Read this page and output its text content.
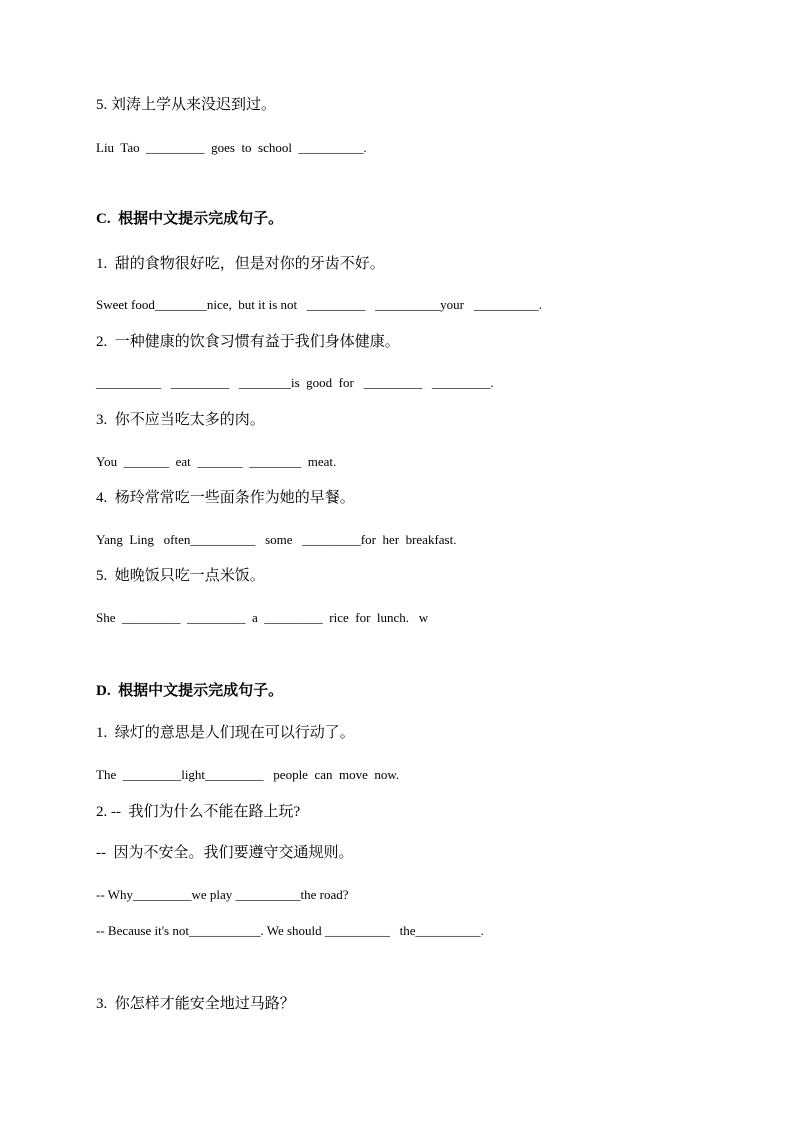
5. 刘涛上学从来没迟到过。
Liu  Tao  _________  goes  to  school  __________.
C.  根据中文提示完成句子。
1.  甜的食物很好吃，但是对你的牙齿不好。
Sweet food________nice,  but it is not   _________   __________your   __________.
2.  一种健康的饮食习惯有益于我们身体健康。
__________   _________   ________is  good  for   _________   _________.
3.  你不应当吃太多的肉。
You  _______  eat  _______  ________  meat.
4.  杨玲常常吃一些面条作为她的早餐。
Yang  Ling   often__________   some   _________for  her  breakfast.
5.  她晚饭只吃一点米饭。
She  _________  _________  a  _________  rice  for  lunch.   w
D.  根据中文提示完成句子。
1.  绿灯的意思是人们现在可以行动了。
The  _________light_________   people  can  move  now.
2. --  我们为什么不能在路上玩?
--  因为不安全。我们要遵守交通规则。
-- Why_________we play __________the road?
-- Because it's not___________. We should __________   the__________.
3.  你怎样才能安全地过马路？
